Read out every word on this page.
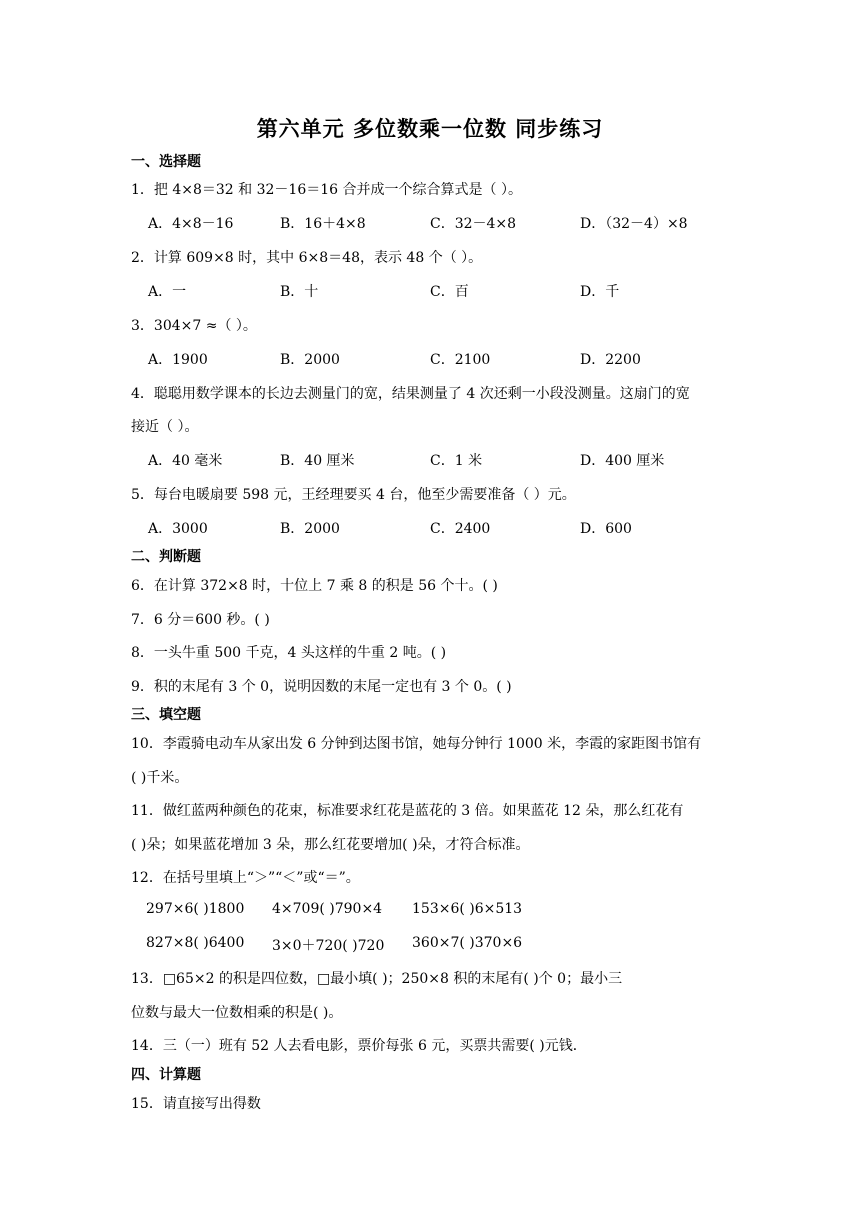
第六单元 多位数乘一位数 同步练习
一、选择题
1．把 4×8＝32 和 32－16＝16 合并成一个综合算式是（ ）。
A．4×8－16	B．16＋4×8	C．32－4×8	D．（32－4）×8
2．计算 609×8 时，其中 6×8＝48，表示 48 个（ ）。
A．一	B．十	C．百	D．千
3．304×7 ≈（ ）。
A．1900	B．2000	C．2100	D．2200
4．聪聪用数学课本的长边去测量门的宽，结果测量了 4 次还剩一小段没测量。这扇门的宽
接近（ ）。
A．40 毫米	B．40 厘米	C．1 米	D．400 厘米
5．每台电暖扇要 598 元，王经理要买 4 台，他至少需要准备（ ）元。
A．3000	B．2000	C．2400	D．600
二、判断题
6．在计算 372×8 时，十位上 7 乘 8 的积是 56 个十。( )
7．6 分＝600 秒。( )
8．一头牛重 500 千克，4 头这样的牛重 2 吨。( )
9．积的末尾有 3 个 0，说明因数的末尾一定也有 3 个 0。( )
三、填空题
10．李霞骑电动车从家出发 6 分钟到达图书馆，她每分钟行 1000 米，李霞的家距图书馆有
( )千米。
11．做红蓝两种颜色的花束，标准要求红花是蓝花的 3 倍。如果蓝花 12 朵，那么红花有
( )朵；如果蓝花增加 3 朵，那么红花要增加( )朵，才符合标准。
12．在括号里填上“＞”“＜”或“＝”。
297×6( )1800 4×709( )790×4 153×6( )6×513
827×8( )6400 3×0＋720( )720 360×7( )370×6
13．□65×2 的积是四位数，□最小填( )；250×8 积的末尾有( )个 0；最小三
位数与最大一位数相乘的积是( )。
14．三（一）班有 52 人去看电影，票价每张 6 元，买票共需要( )元钱．
四、计算题
15．请直接写出得数
